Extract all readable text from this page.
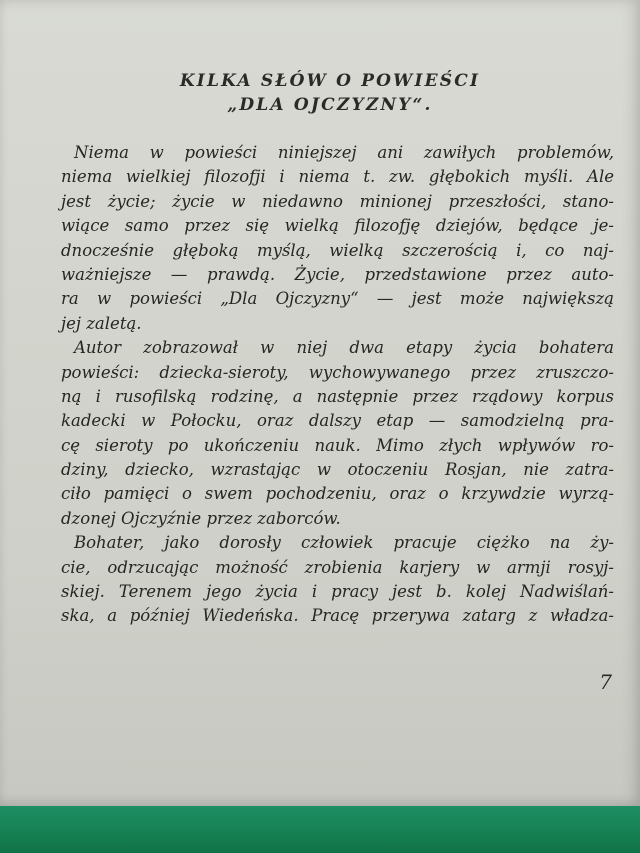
KILKA SŁÓW O POWIEŚCI
„DLA OJCZYZNY“.
Niema w powieści niniejszej ani zawiłych problemów,
niema wielkiej filozofji i niema t. zw. głębokich myśli. Ale
jest życie; życie w niedawno minionej przeszłości, stano-
wiące samo przez się wielką filozofję dziejów, będące je-
dnocześnie głęboką myślą, wielką szczerością i, co naj-
ważniejsze — prawdą. Życie, przedstawione przez auto-
ra w powieści „Dla Ojczyzny“ — jest może największą
jej zaletą.
Autor zobrazował w niej dwa etapy życia bohatera
powieści: dziecka-sieroty, wychowywanego przez zruszczo-
ną i rusofilską rodzinę, a następnie przez rządowy korpus
kadecki w Połocku, oraz dalszy etap — samodzielną pra-
cę sieroty po ukończeniu nauk. Mimo złych wpływów ro-
dziny, dziecko, wzrastając w otoczeniu Rosjan, nie zatra-
ciło pamięci o swem pochodzeniu, oraz o krzywdzie wyrzą-
dzonej Ojczyźnie przez zaborców.
Bohater, jako dorosły człowiek pracuje ciężko na ży-
cie, odrzucając możność zrobienia karjery w armji rosyj-
skiej. Terenem jego życia i pracy jest b. kolej Nadwiślań-
ska, a później Wiedeńska. Pracę przerywa zatarg z władza-
7
